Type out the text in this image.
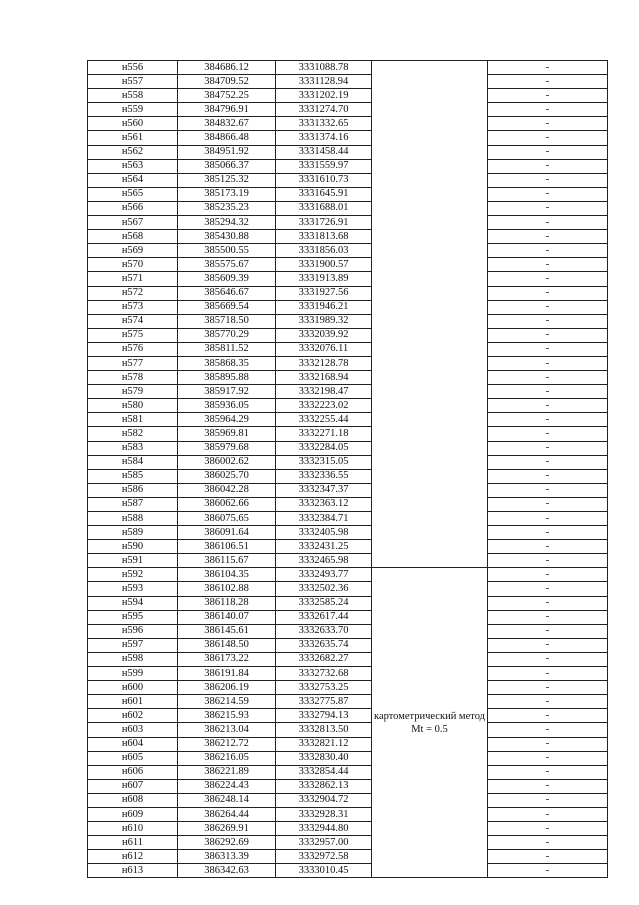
н556	384686.12	3331088.78		-
н557	384709.52	3331128.94		-
н558	384752.25	3331202.19		-
н559	384796.91	3331274.70		-
н560	384832.67	3331332.65		-
н561	384866.48	3331374.16		-
н562	384951.92	3331458.44		-
н563	385066.37	3331559.97		-
н564	385125.32	3331610.73		-
н565	385173.19	3331645.91		-
н566	385235.23	3331688.01		-
н567	385294.32	3331726.91		-
н568	385430.88	3331813.68		-
н569	385500.55	3331856.03		-
н570	385575.67	3331900.57		-
н571	385609.39	3331913.89		-
н572	385646.67	3331927.56		-
н573	385669.54	3331946.21		-
н574	385718.50	3331989.32		-
н575	385770.29	3332039.92		-
н576	385811.52	3332076.11		-
н577	385868.35	3332128.78		-
н578	385895.88	3332168.94		-
н579	385917.92	3332198.47		-
н580	385936.05	3332223.02		-
н581	385964.29	3332255.44		-
н582	385969.81	3332271.18		-
н583	385979.68	3332284.05		-
н584	386002.62	3332315.05		-
н585	386025.70	3332336.55		-
н586	386042.28	3332347.37		-
н587	386062.66	3332363.12		-
н588	386075.65	3332384.71		-
н589	386091.64	3332405.98		-
н590	386106.51	3332431.25		-
н591	386115.67	3332465.98		-
н592	386104.35	3332493.77	картометрический метод Mt = 0.5	-
н593	386102.88	3332502.36		-
н594	386118.28	3332585.24		-
н595	386140.07	3332617.44		-
н596	386145.61	3332633.70		-
н597	386148.50	3332635.74		-
н598	386173.22	3332682.27		-
н599	386191.84	3332732.68		-
н600	386206.19	3332753.25		-
н601	386214.59	3332775.87		-
н602	386215.93	3332794.13		-
н603	386213.04	3332813.50		-
н604	386212.72	3332821.12		-
н605	386216.05	3332830.40		-
н606	386221.89	3332854.44		-
н607	386224.43	3332862.13		-
н608	386248.14	3332904.72		-
н609	386264.44	3332928.31		-
н610	386269.91	3332944.80		-
н611	386292.69	3332957.00		-
н612	386313.39	3332972.58		-
н613	386342.63	3333010.45		-
